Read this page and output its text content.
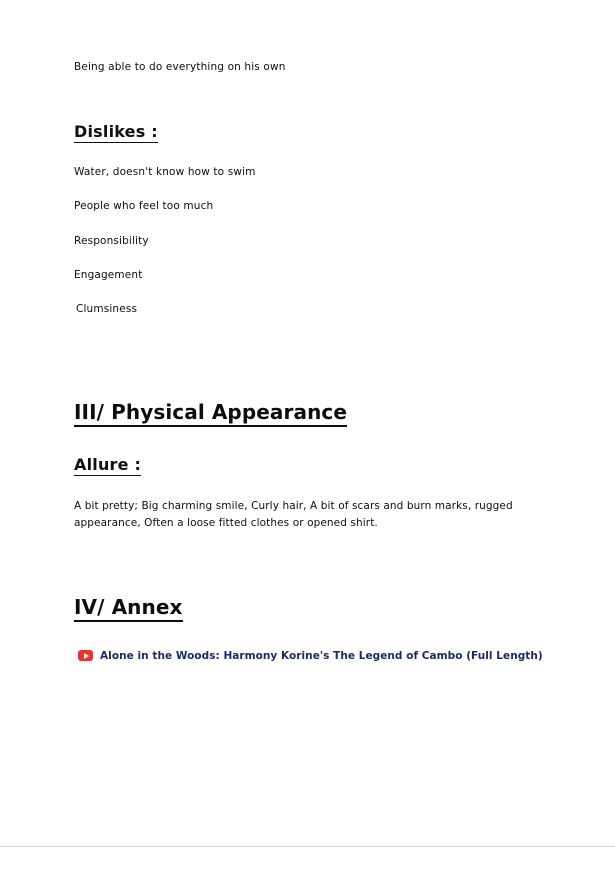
Being able to do everything on his own

Dislikes :

Water, doesn't know how to swim

People who feel too much

Responsibility

Engagement

Clumsiness

III/ Physical Appearance
Allure :

A bit pretty; Big charming smile, Curly hair, A bit of scars and burn marks, rugged appearance, Often a loose fitted clothes or opened shirt.

IV/ Annex
Alone in the Woods: Harmony Korine's The Legend of Cambo (Full Length)
